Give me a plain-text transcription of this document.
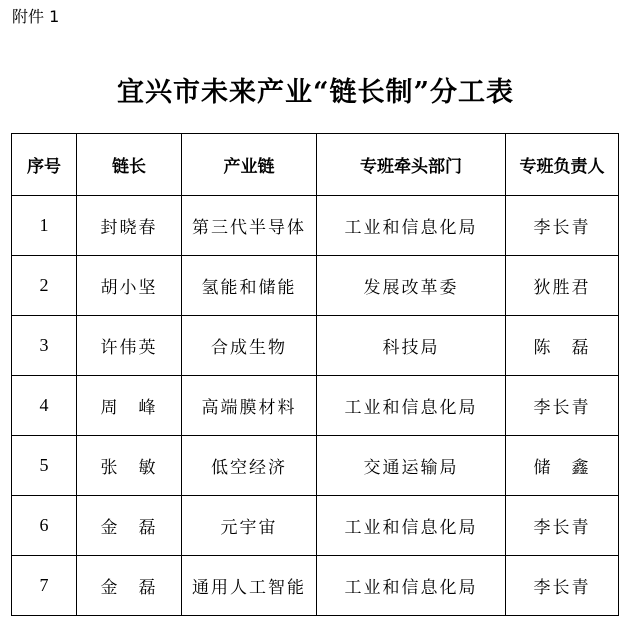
附件 1
宜兴市未来产业“链长制”分工表
序号	链长	产业链	专班牵头部门	专班负责人
1	封晓春	第三代半导体	工业和信息化局	李长青
2	胡小坚	氢能和储能	发展改革委	狄胜君
3	许伟英	合成生物	科技局	陈　磊
4	周　峰	高端膜材料	工业和信息化局	李长青
5	张　敏	低空经济	交通运输局	储　鑫
6	金　磊	元宇宙	工业和信息化局	李长青
7	金　磊	通用人工智能	工业和信息化局	李长青
